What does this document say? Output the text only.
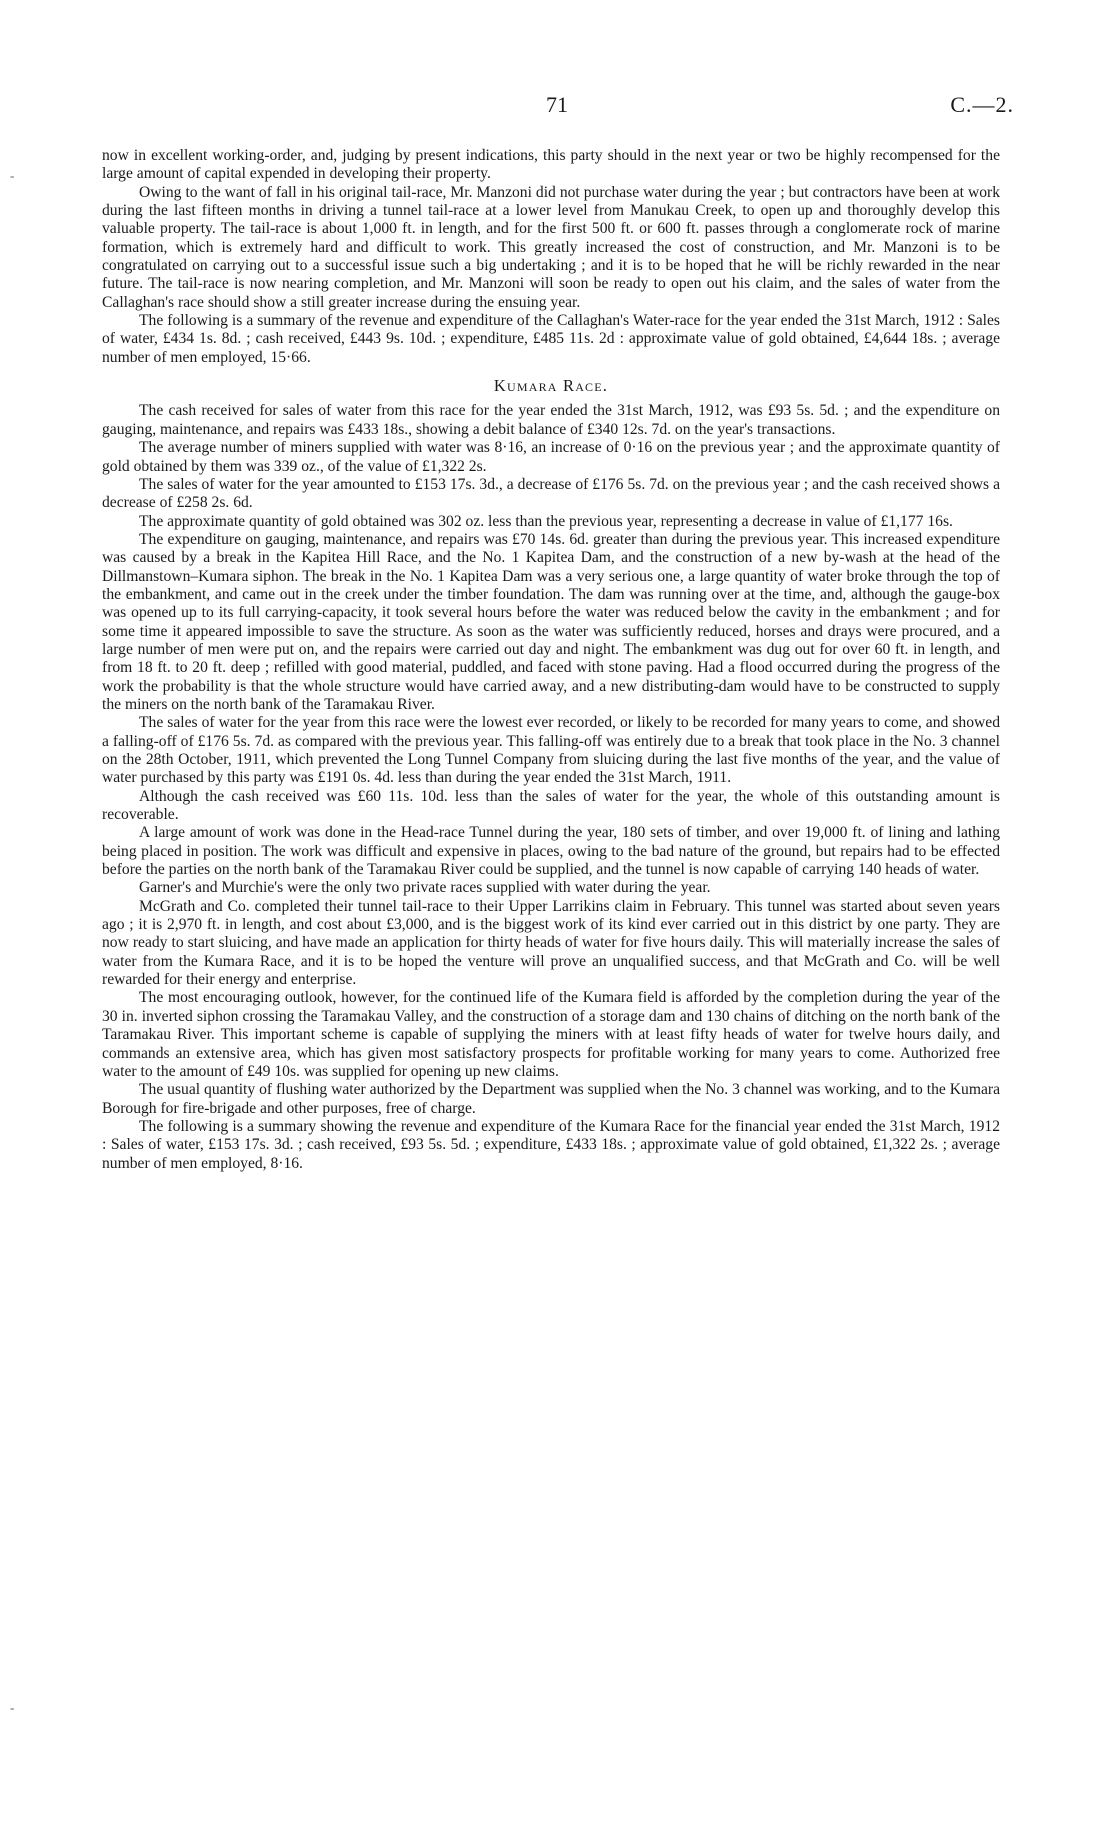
71	C.—2.
-
-

now in excellent working-order, and, judging by present indications, this party should in the next year or two be highly recompensed for the large amount of capital expended in developing their property.

Owing to the want of fall in his original tail-race, Mr. Manzoni did not purchase water during the year ; but contractors have been at work during the last fifteen months in driving a tunnel tail-race at a lower level from Manukau Creek, to open up and thoroughly develop this valuable property. The tail-race is about 1,000 ft. in length, and for the first 500 ft. or 600 ft. passes through a conglomerate rock of marine formation, which is extremely hard and difficult to work. This greatly increased the cost of construction, and Mr. Manzoni is to be congratulated on carrying out to a successful issue such a big undertaking ; and it is to be hoped that he will be richly rewarded in the near future. The tail-race is now nearing completion, and Mr. Manzoni will soon be ready to open out his claim, and the sales of water from the Callaghan's race should show a still greater increase during the ensuing year.

The following is a summary of the revenue and expenditure of the Callaghan's Water-race for the year ended the 31st March, 1912 : Sales of water, £434 1s. 8d. ; cash received, £443 9s. 10d. ; expenditure, £485 11s. 2d : approximate value of gold obtained, £4,644 18s. ; average number of men employed, 15·66.

Kumara Race.

The cash received for sales of water from this race for the year ended the 31st March, 1912, was £93 5s. 5d. ; and the expenditure on gauging, maintenance, and repairs was £433 18s., showing a debit balance of £340 12s. 7d. on the year's transactions.

The average number of miners supplied with water was 8·16, an increase of 0·16 on the previous year ; and the approximate quantity of gold obtained by them was 339 oz., of the value of £1,322 2s.

The sales of water for the year amounted to £153 17s. 3d., a decrease of £176 5s. 7d. on the previous year ; and the cash received shows a decrease of £258 2s. 6d.

The approximate quantity of gold obtained was 302 oz. less than the previous year, representing a decrease in value of £1,177 16s.

The expenditure on gauging, maintenance, and repairs was £70 14s. 6d. greater than during the previous year. This increased expenditure was caused by a break in the Kapitea Hill Race, and the No. 1 Kapitea Dam, and the construction of a new by-wash at the head of the Dillmanstown–Kumara siphon. The break in the No. 1 Kapitea Dam was a very serious one, a large quantity of water broke through the top of the embankment, and came out in the creek under the timber foundation. The dam was running over at the time, and, although the gauge-box was opened up to its full carrying-capacity, it took several hours before the water was reduced below the cavity in the embankment ; and for some time it appeared impossible to save the structure. As soon as the water was sufficiently reduced, horses and drays were procured, and a large number of men were put on, and the repairs were carried out day and night. The embankment was dug out for over 60 ft. in length, and from 18 ft. to 20 ft. deep ; refilled with good material, puddled, and faced with stone paving. Had a flood occurred during the progress of the work the probability is that the whole structure would have carried away, and a new distributing-dam would have to be constructed to supply the miners on the north bank of the Taramakau River.

The sales of water for the year from this race were the lowest ever recorded, or likely to be recorded for many years to come, and showed a falling-off of £176 5s. 7d. as compared with the previous year. This falling-off was entirely due to a break that took place in the No. 3 channel on the 28th October, 1911, which prevented the Long Tunnel Company from sluicing during the last five months of the year, and the value of water purchased by this party was £191 0s. 4d. less than during the year ended the 31st March, 1911.

Although the cash received was £60 11s. 10d. less than the sales of water for the year, the whole of this outstanding amount is recoverable.

A large amount of work was done in the Head-race Tunnel during the year, 180 sets of timber, and over 19,000 ft. of lining and lathing being placed in position. The work was difficult and expensive in places, owing to the bad nature of the ground, but repairs had to be effected before the parties on the north bank of the Taramakau River could be supplied, and the tunnel is now capable of carrying 140 heads of water.

Garner's and Murchie's were the only two private races supplied with water during the year.

McGrath and Co. completed their tunnel tail-race to their Upper Larrikins claim in February. This tunnel was started about seven years ago ; it is 2,970 ft. in length, and cost about £3,000, and is the biggest work of its kind ever carried out in this district by one party. They are now ready to start sluicing, and have made an application for thirty heads of water for five hours daily. This will materially increase the sales of water from the Kumara Race, and it is to be hoped the venture will prove an unqualified success, and that McGrath and Co. will be well rewarded for their energy and enterprise.

The most encouraging outlook, however, for the continued life of the Kumara field is afforded by the completion during the year of the 30 in. inverted siphon crossing the Taramakau Valley, and the construction of a storage dam and 130 chains of ditching on the north bank of the Taramakau River. This important scheme is capable of supplying the miners with at least fifty heads of water for twelve hours daily, and commands an extensive area, which has given most satisfactory prospects for profitable working for many years to come. Authorized free water to the amount of £49 10s. was supplied for opening up new claims.

The usual quantity of flushing water authorized by the Department was supplied when the No. 3 channel was working, and to the Kumara Borough for fire-brigade and other purposes, free of charge.

The following is a summary showing the revenue and expenditure of the Kumara Race for the financial year ended the 31st March, 1912 : Sales of water, £153 17s. 3d. ; cash received, £93 5s. 5d. ; expenditure, £433 18s. ; approximate value of gold obtained, £1,322 2s. ; average number of men employed, 8·16.
